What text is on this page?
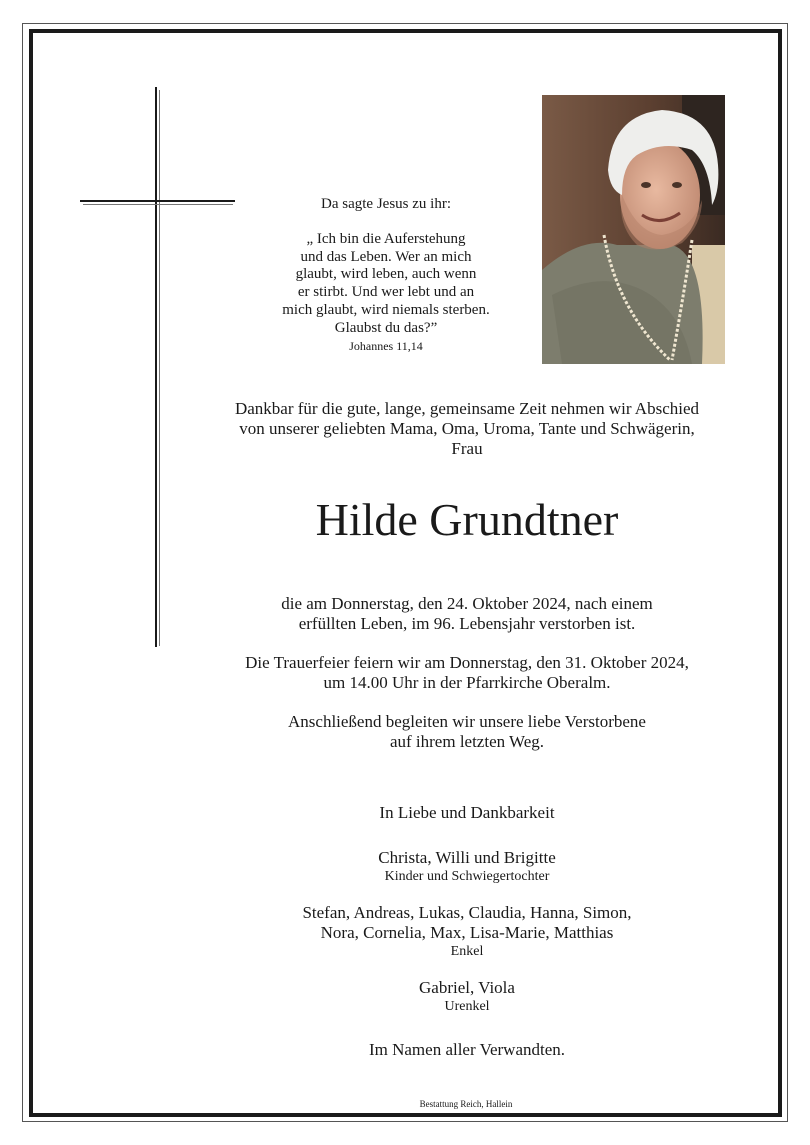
Da sagte Jesus zu ihr:
„ Ich bin die Auferstehung
und das Leben. Wer an mich
glaubt, wird leben, auch wenn
er stirbt. Und wer lebt und an
mich glaubt, wird niemals sterben.
Glaubst du das?”
Johannes 11,14
Dankbar für die gute, lange, gemeinsame Zeit nehmen wir Abschied
von unserer geliebten Mama, Oma, Uroma, Tante und Schwägerin,
Frau
Hilde Grundtner
die am Donnerstag, den 24. Oktober 2024, nach einem
erfüllten Leben, im 96. Lebensjahr verstorben ist.
Die Trauerfeier feiern wir am Donnerstag, den 31. Oktober 2024,
um 14.00 Uhr in der Pfarrkirche Oberalm.
Anschließend begleiten wir unsere liebe Verstorbene
auf ihrem letzten Weg.
In Liebe und Dankbarkeit
Christa, Willi und Brigitte
Kinder und Schwiegertochter
Stefan, Andreas, Lukas, Claudia, Hanna, Simon,
Nora, Cornelia, Max, Lisa-Marie, Matthias
Enkel
Gabriel, Viola
Urenkel
Im Namen aller Verwandten.
Bestattung Reich, Hallein
